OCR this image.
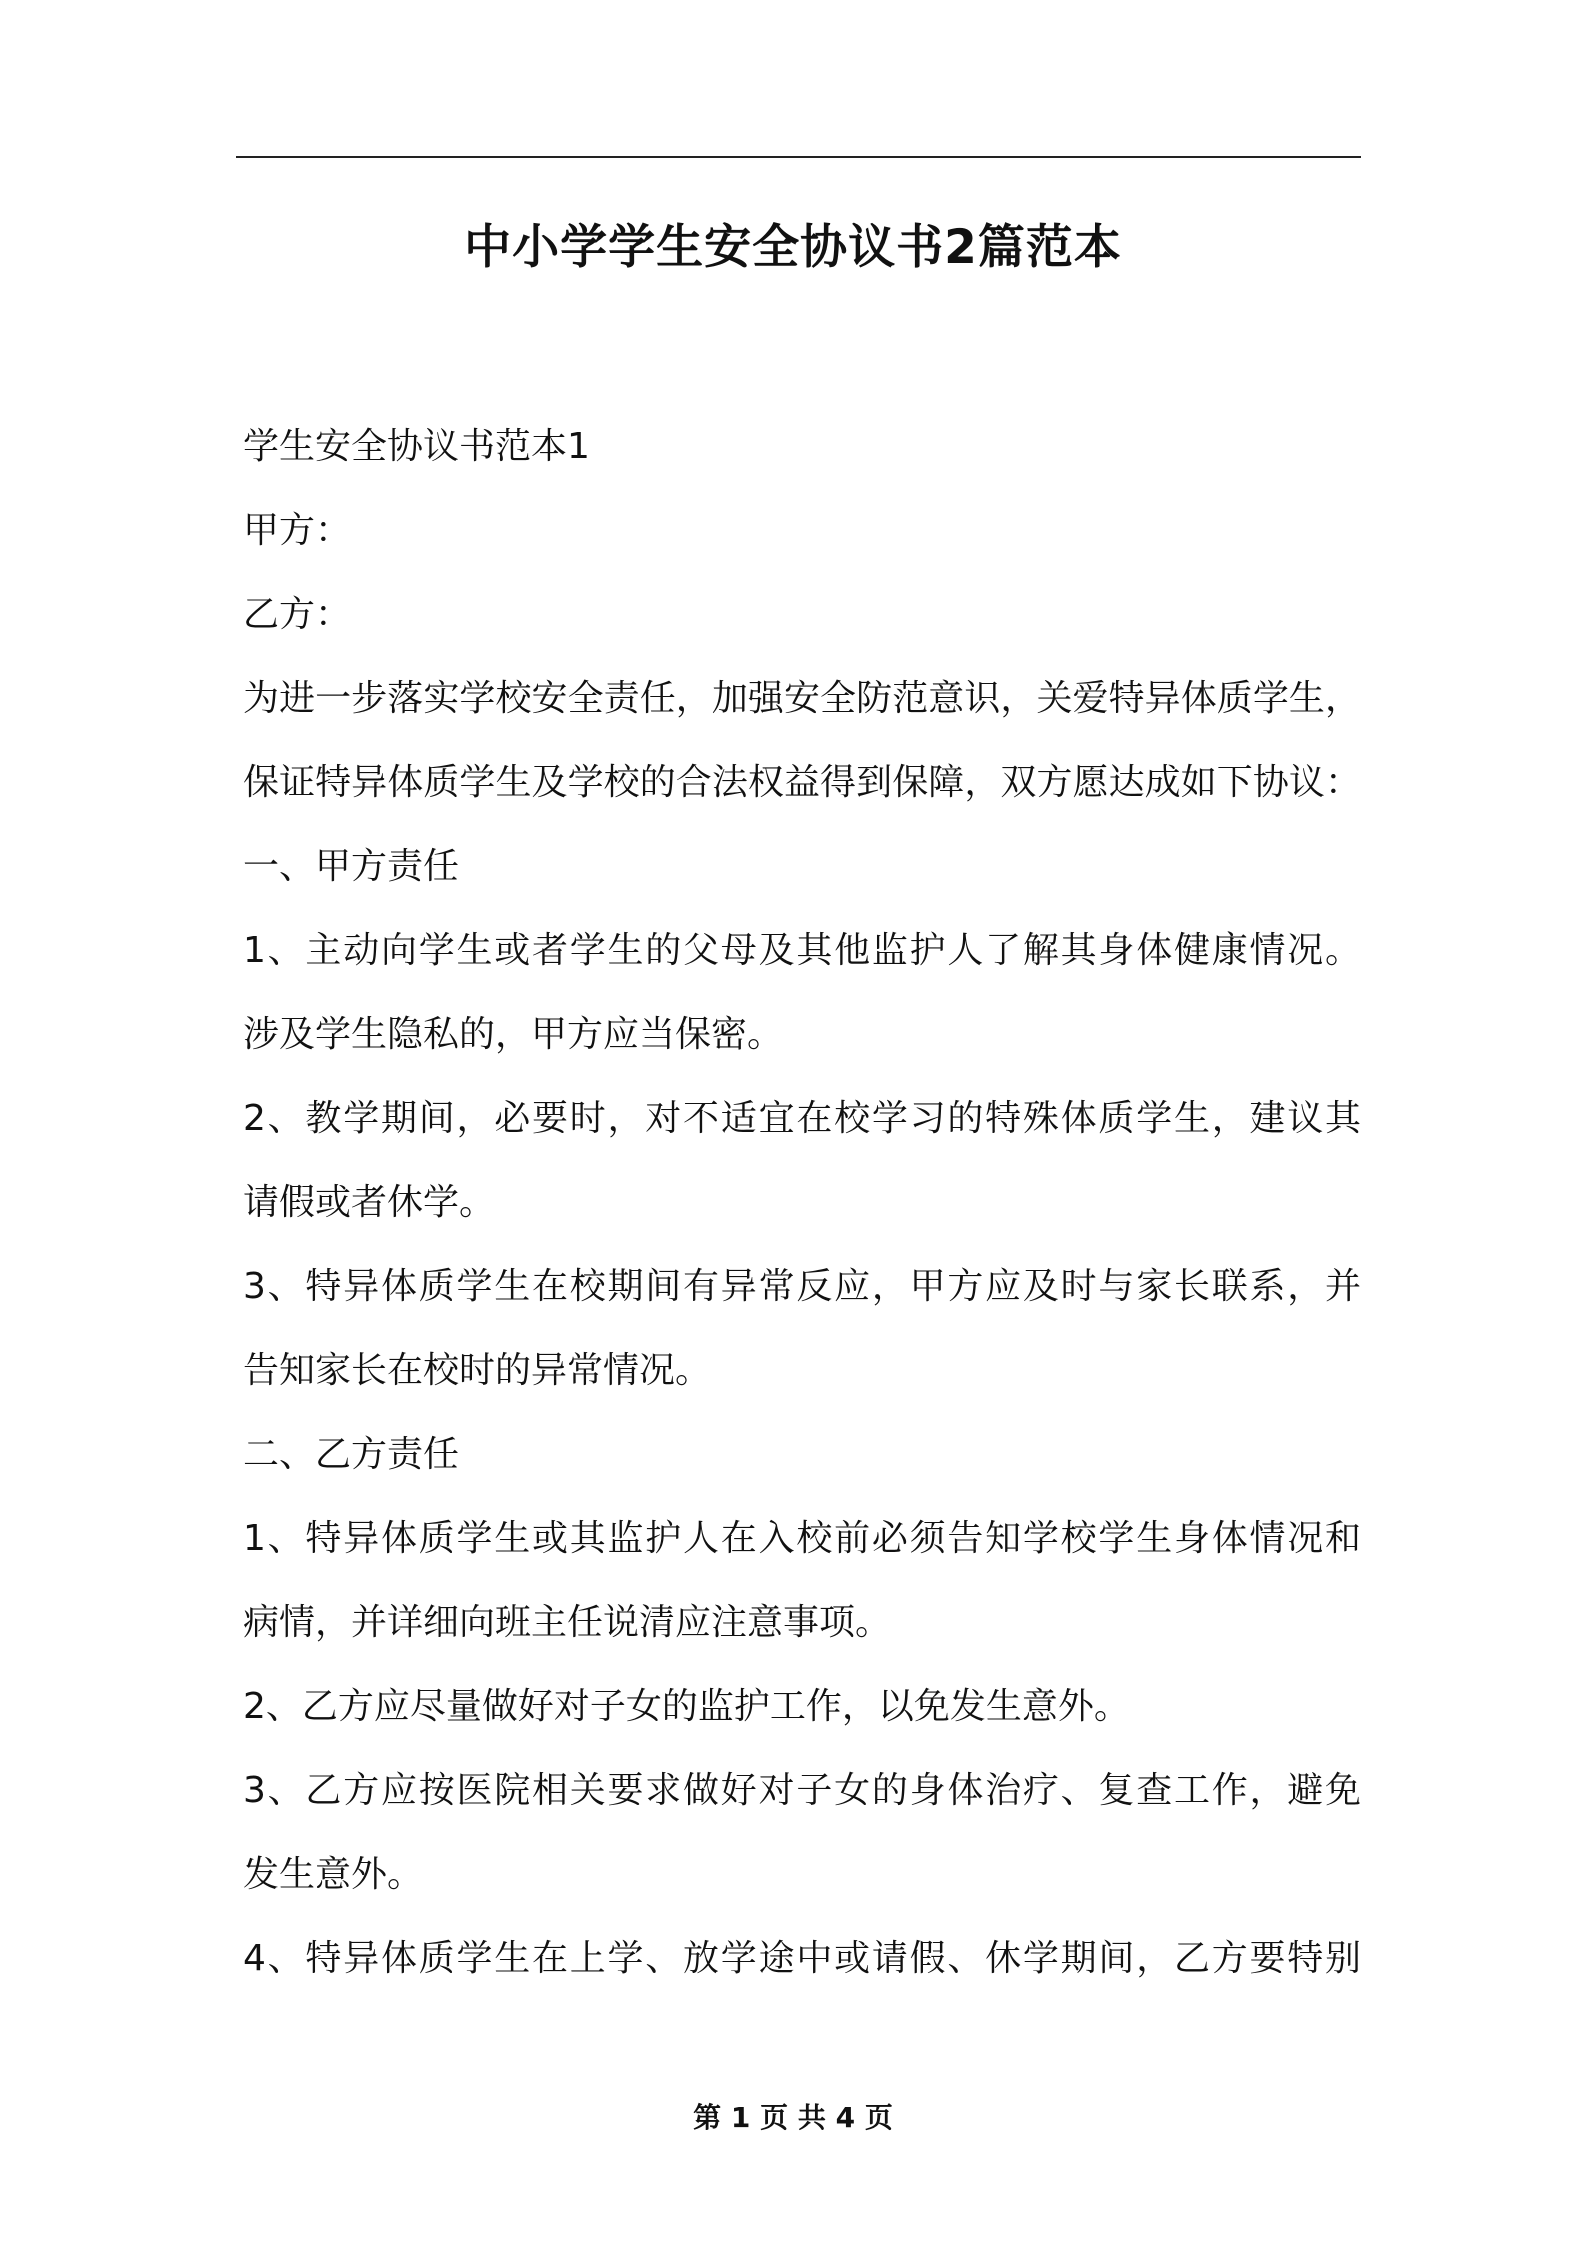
中小学学生安全协议书2篇范本
学生安全协议书范本1
甲方：
乙方：
为进一步落实学校安全责任，加强安全防范意识，关爱特异体质学生，
保证特异体质学生及学校的合法权益得到保障，双方愿达成如下协议：
一、甲方责任
1、主动向学生或者学生的父母及其他监护人了解其身体健康情况。
涉及学生隐私的，甲方应当保密。
2、教学期间，必要时，对不适宜在校学习的特殊体质学生，建议其
请假或者休学。
3、特异体质学生在校期间有异常反应，甲方应及时与家长联系，并
告知家长在校时的异常情况。
二、乙方责任
1、特异体质学生或其监护人在入校前必须告知学校学生身体情况和
病情，并详细向班主任说清应注意事项。
2、乙方应尽量做好对子女的监护工作，以免发生意外。
3、乙方应按医院相关要求做好对子女的身体治疗、复查工作，避免
发生意外。
4、特异体质学生在上学、放学途中或请假、休学期间，乙方要特别
第 1 页 共 4 页
